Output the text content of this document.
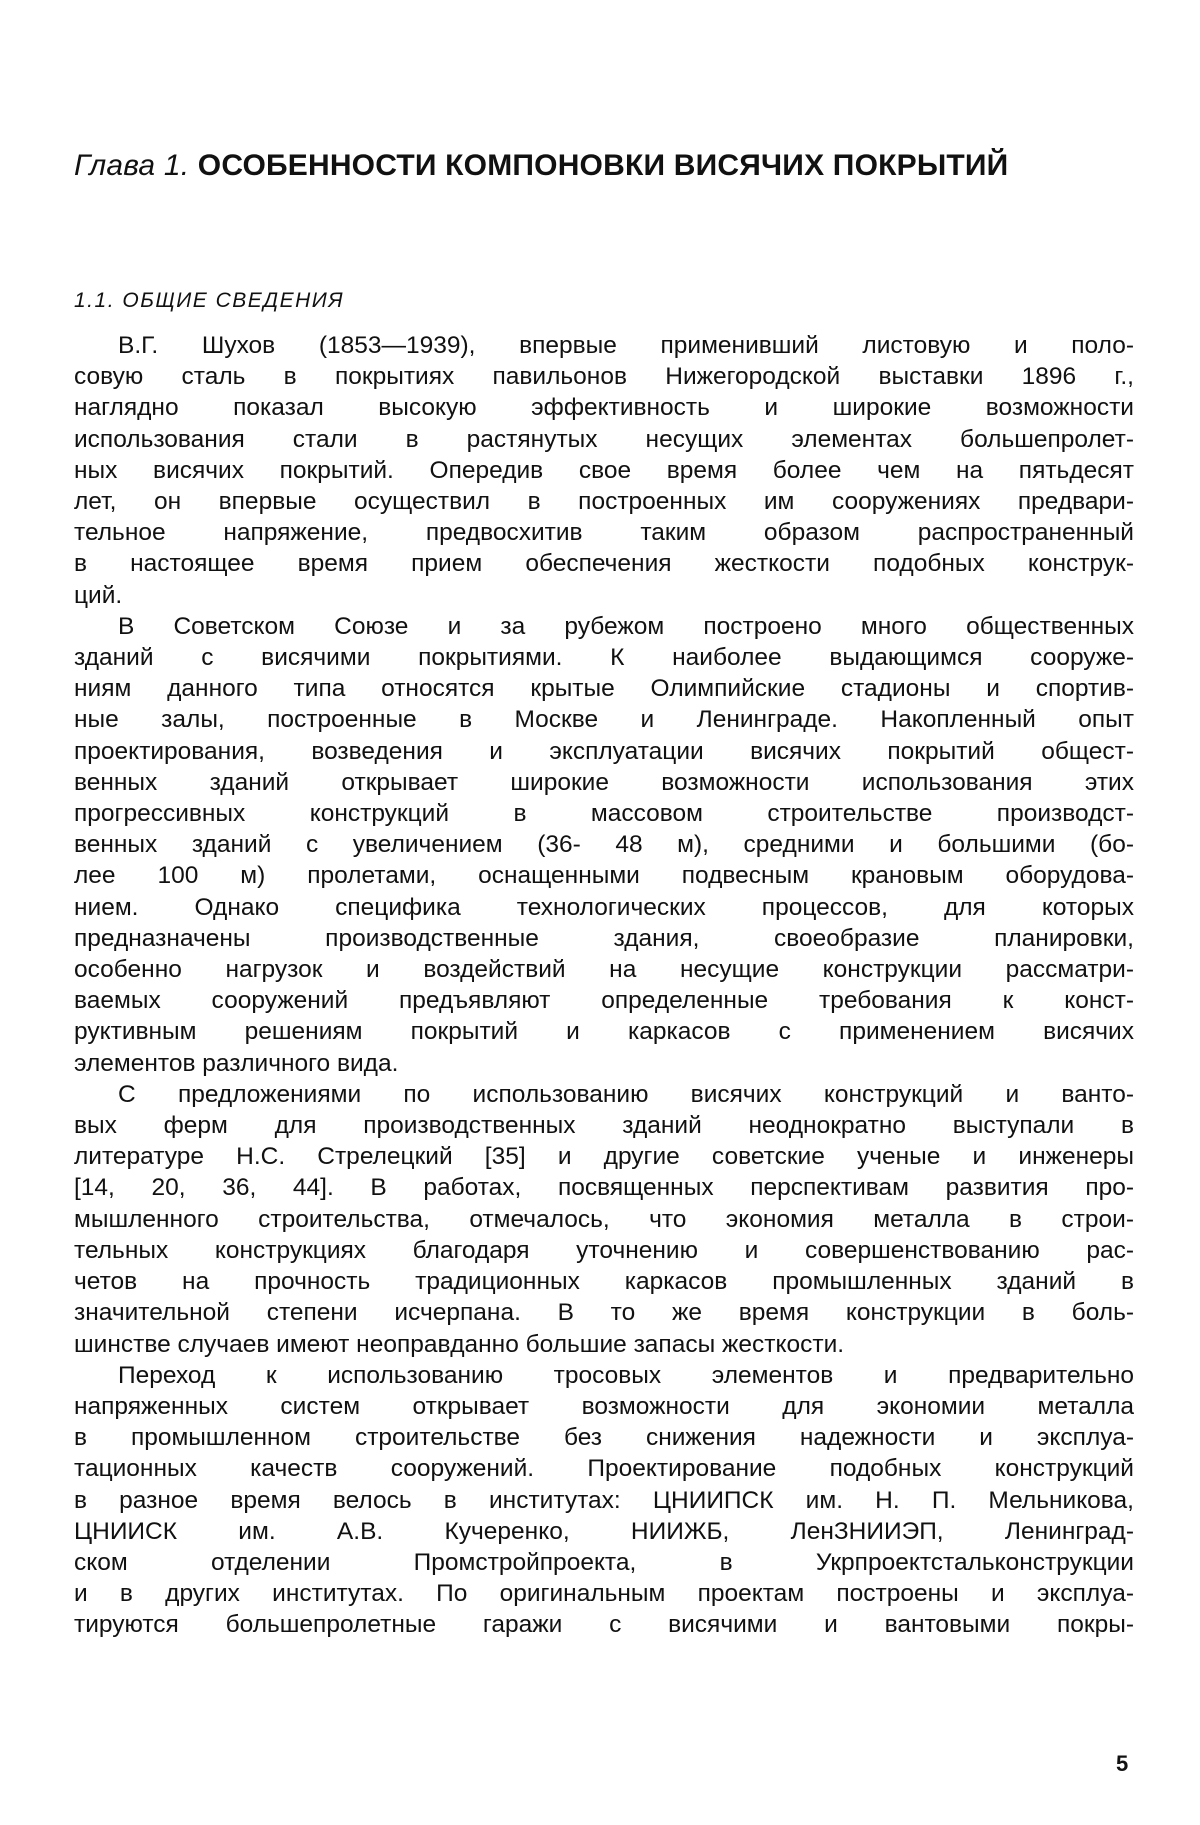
Глава 1. ОСОБЕННОСТИ КОМПОНОВКИ ВИСЯЧИХ ПОКРЫТИЙ
1.1. ОБЩИЕ СВЕДЕНИЯ
В.Г. Шухов (1853—1939), впервые применивший листовую и поло-
совую сталь в покрытиях павильонов Нижегородской выставки 1896 г.,
наглядно показал высокую эффективность и широкие возможности
использования стали в растянутых несущих элементах большепролет-
ных висячих покрытий. Опередив свое время более чем на пятьдесят
лет, он впервые осуществил в построенных им сооружениях предвари-
тельное напряжение, предвосхитив таким образом распространенный
в настоящее время прием обеспечения жесткости подобных конструк-
ций.
В Советском Союзе и за рубежом построено много общественных
зданий с висячими покрытиями. К наиболее выдающимся сооруже-
ниям данного типа относятся крытые Олимпийские стадионы и спортив-
ные залы, построенные в Москве и Ленинграде. Накопленный опыт
проектирования, возведения и эксплуатации висячих покрытий общест-
венных зданий открывает широкие возможности использования этих
прогрессивных конструкций в массовом строительстве производст-
венных зданий с увеличением (36- 48 м), средними и большими (бо-
лее 100 м) пролетами, оснащенными подвесным крановым оборудова-
нием. Однако специфика технологических процессов, для которых
предназначены производственные здания, своеобразие планировки,
особенно нагрузок и воздействий на несущие конструкции рассматри-
ваемых сооружений предъявляют определенные требования к конст-
руктивным решениям покрытий и каркасов с применением висячих
элементов различного вида.
С предложениями по использованию висячих конструкций и ванто-
вых ферм для производственных зданий неоднократно выступали в
литературе Н.С. Стрелецкий [35] и другие советские ученые и инженеры
[14, 20, 36, 44]. В работах, посвященных перспективам развития про-
мышленного строительства, отмечалось, что экономия металла в строи-
тельных конструкциях благодаря уточнению и совершенствованию рас-
четов на прочность традиционных каркасов промышленных зданий в
значительной степени исчерпана. В то же время конструкции в боль-
шинстве случаев имеют неоправданно большие запасы жесткости.
Переход к использованию тросовых элементов и предварительно
напряженных систем открывает возможности для экономии металла
в промышленном строительстве без снижения надежности и эксплуа-
тационных качеств сооружений. Проектирование подобных конструкций
в разное время велось в институтах: ЦНИИПСК им. Н. П. Мельникова,
ЦНИИСК им. А.В. Кучеренко, НИИЖБ, ЛенЗНИИЭП, Ленинград-
ском отделении Промстройпроекта, в Укрпроектстальконструкции
и в других институтах. По оригинальным проектам построены и эксплуа-
тируются большепролетные гаражи с висячими и вантовыми покры-
5
